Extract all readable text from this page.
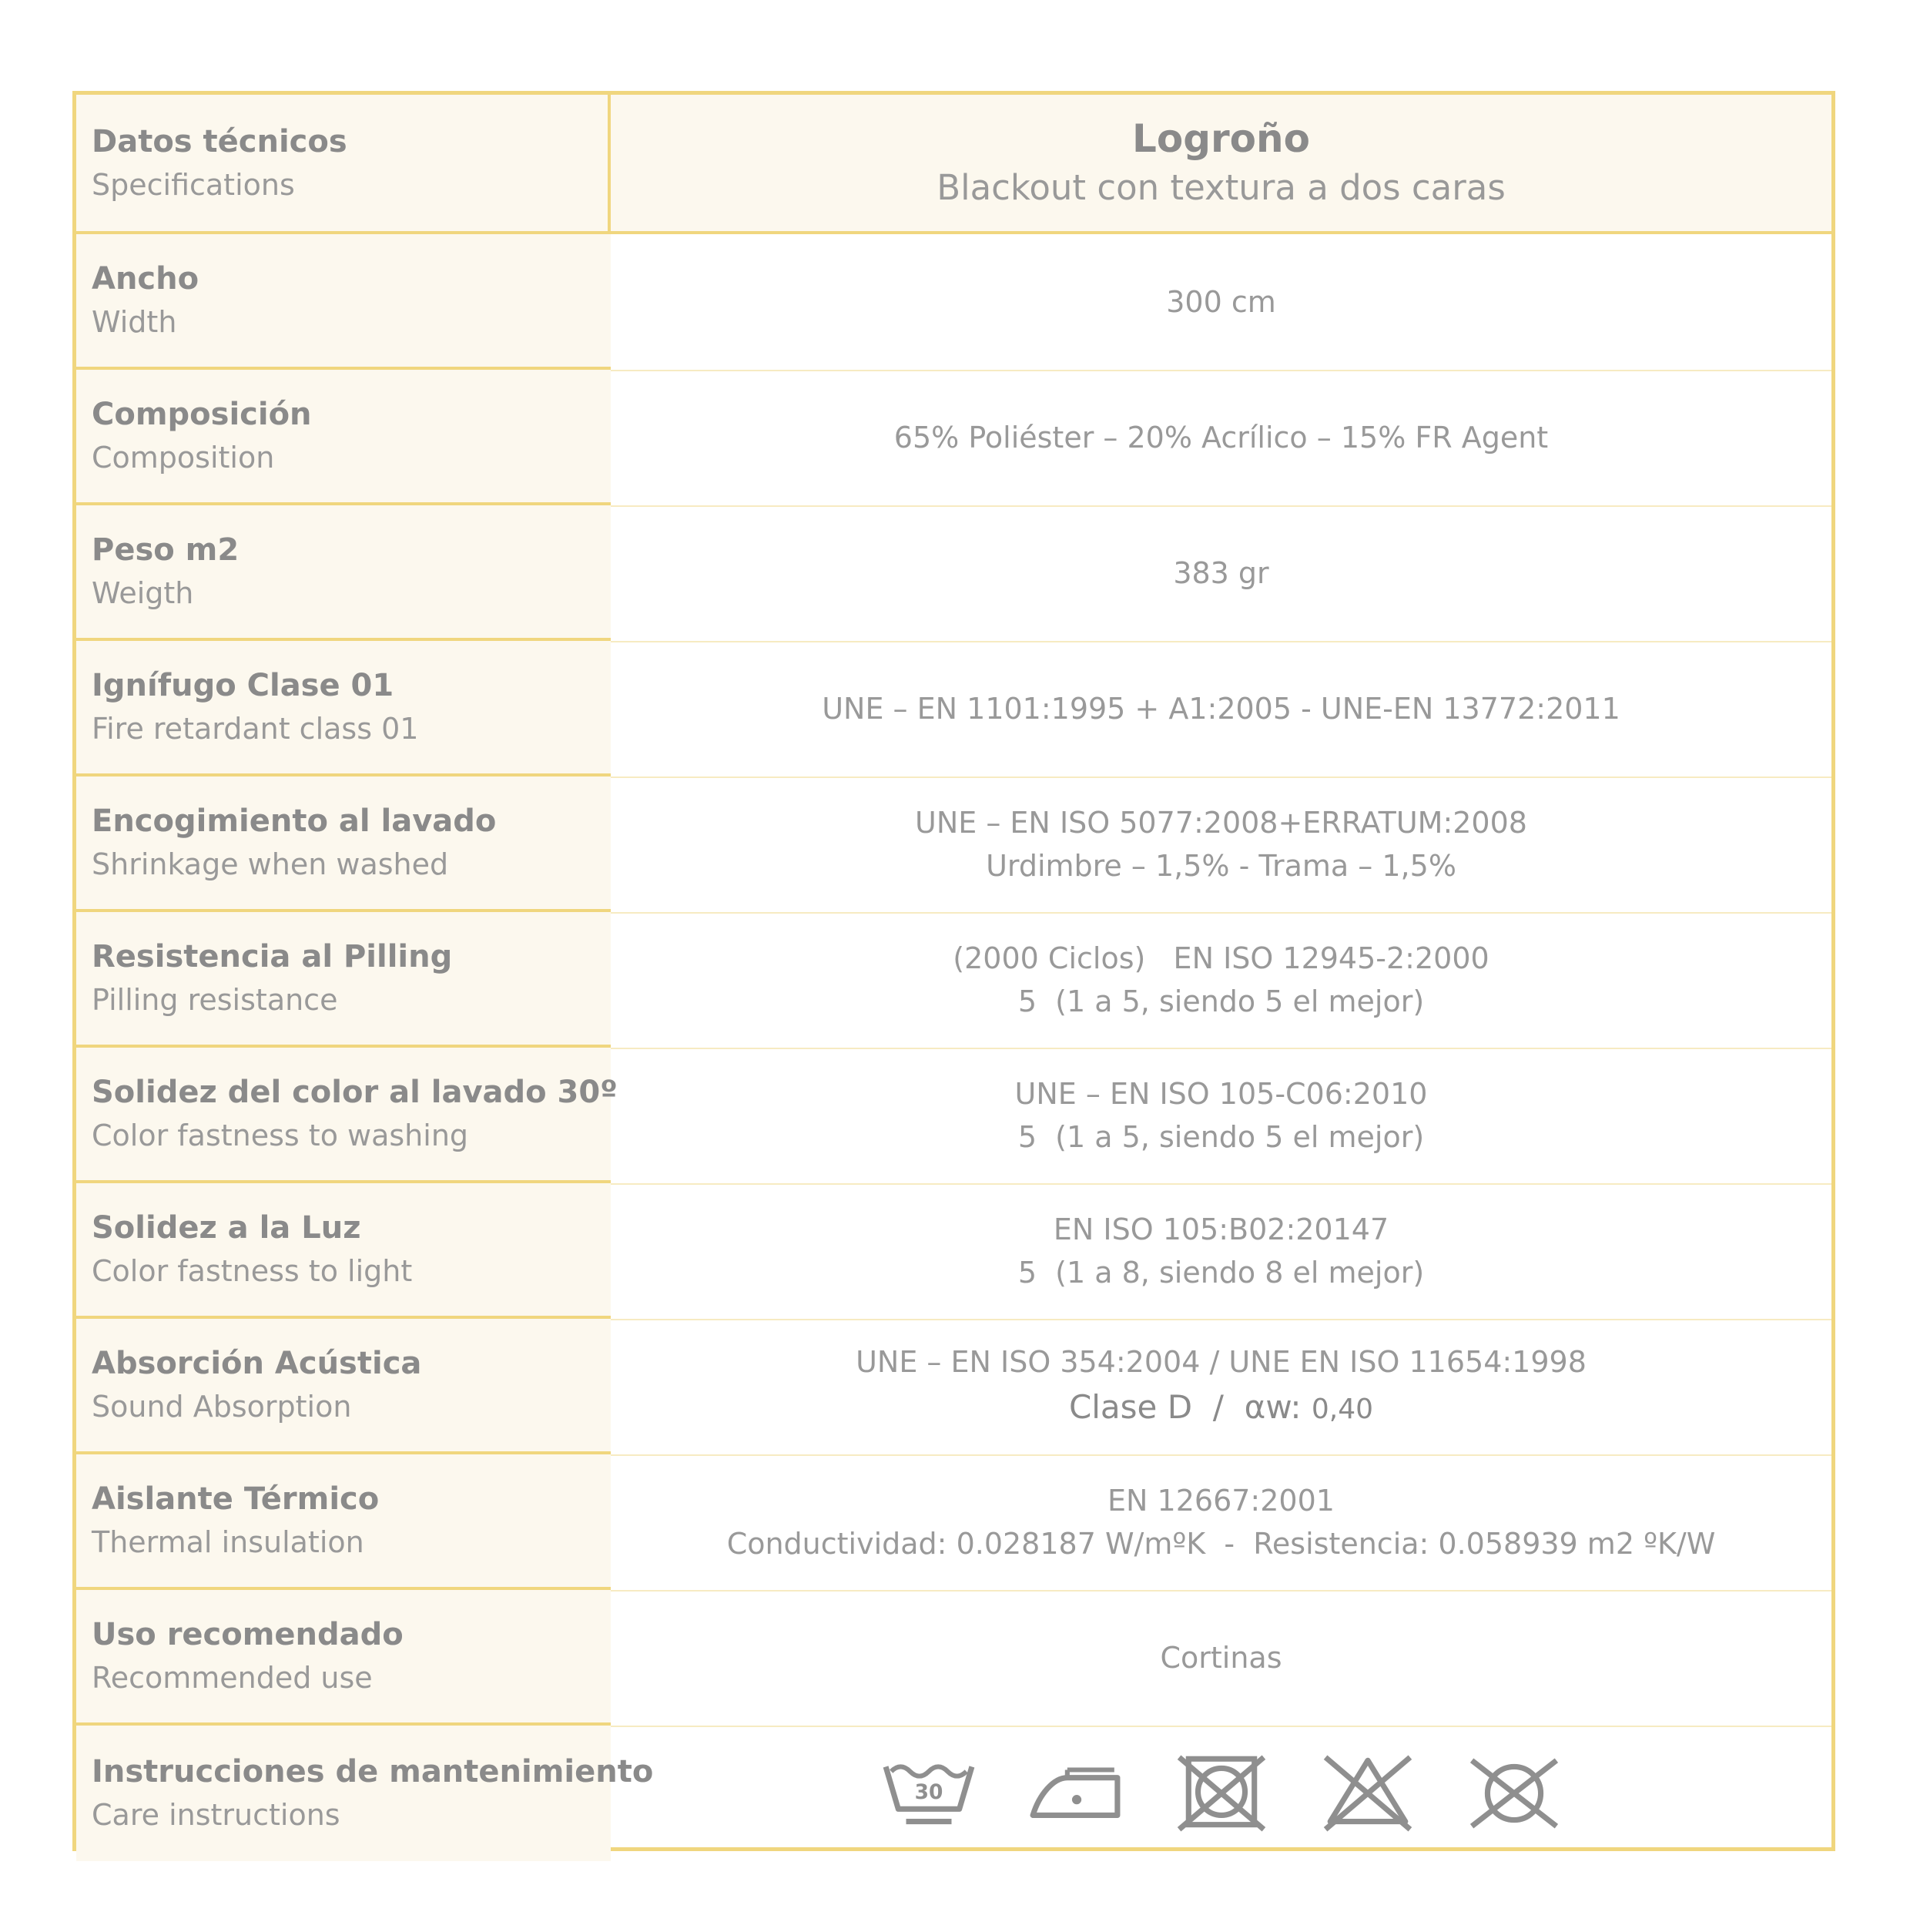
Datos técnicos
Specifications
Logroño
Blackout con textura a dos caras
Ancho
Width
300 cm
Composición
Composition
65% Poliéster – 20% Acrílico – 15% FR Agent
Peso m2
Weigth
383 gr
Ignífugo Clase 01
Fire retardant class 01
UNE – EN 1101:1995 + A1:2005 - UNE-EN 13772:2011
Encogimiento al lavado
Shrinkage when washed
UNE – EN ISO 5077:2008+ERRATUM:2008
Urdimbre – 1,5% - Trama – 1,5%
Resistencia al Pilling
Pilling resistance
(2000 Ciclos)   EN ISO 12945-2:2000
5  (1 a 5, siendo 5 el mejor)
Solidez del color al lavado 30º
Color fastness to washing
UNE – EN ISO 105-C06:2010
5  (1 a 5, siendo 5 el mejor)
Solidez a la Luz
Color fastness to light
EN ISO 105:B02:20147
5  (1 a 8, siendo 8 el mejor)
Absorción Acústica
Sound Absorption
UNE – EN ISO 354:2004 / UNE EN ISO 11654:1998
Clase D  /  αw: 0,40
Aislante Térmico
Thermal insulation
EN 12667:2001
Conductividad: 0.028187 W/mºK  -  Resistencia: 0.058939 m2 ºK/W
Uso recomendado
Recommended use
Cortinas
Instrucciones de mantenimiento
Care instructions
30
